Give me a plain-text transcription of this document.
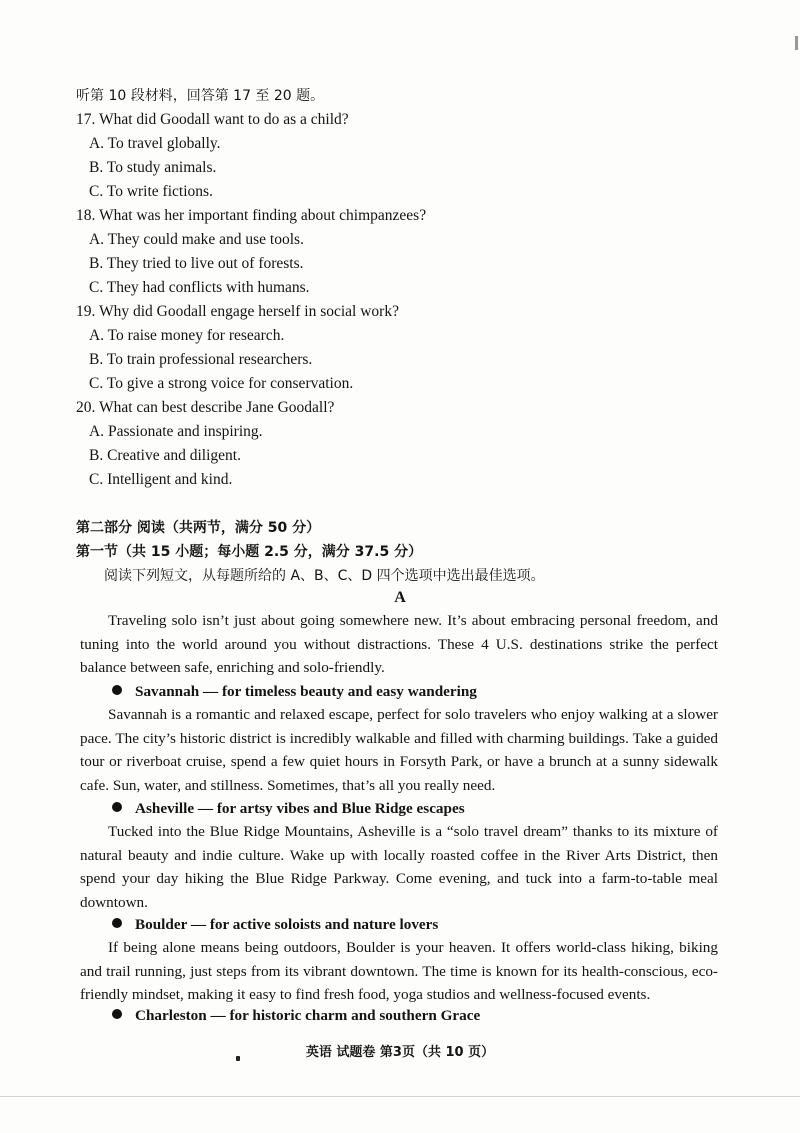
听第 10 段材料，回答第 17 至 20 题。
17. What did Goodall want to do as a child?
A. To travel globally.
B. To study animals.
C. To write fictions.
18. What was her important finding about chimpanzees?
A. They could make and use tools.
B. They tried to live out of forests.
C. They had conflicts with humans.
19. Why did Goodall engage herself in social work?
A. To raise money for research.
B. To train professional researchers.
C. To give a strong voice for conservation.
20. What can best describe Jane Goodall?
A. Passionate and inspiring.
B. Creative and diligent.
C. Intelligent and kind.
第二部分 阅读（共两节，满分 50 分）
第一节（共 15 小题；每小题 2.5 分，满分 37.5 分）
阅读下列短文，从每题所给的 A、B、C、D 四个选项中选出最佳选项。
A
Traveling solo isn’t just about going somewhere new. It’s about embracing personal freedom, and tuning into the world around you without distractions. These 4 U.S. destinations strike the perfect balance between safe, enriching and solo-friendly.
Savannah — for timeless beauty and easy wandering
Savannah is a romantic and relaxed escape, perfect for solo travelers who enjoy walking at a slower pace. The city’s historic district is incredibly walkable and filled with charming buildings. Take a guided tour or riverboat cruise, spend a few quiet hours in Forsyth Park, or have a brunch at a sunny sidewalk cafe. Sun, water, and stillness. Sometimes, that’s all you really need.
Asheville — for artsy vibes and Blue Ridge escapes
Tucked into the Blue Ridge Mountains, Asheville is a “solo travel dream” thanks to its mixture of natural beauty and indie culture. Wake up with locally roasted coffee in the River Arts District, then spend your day hiking the Blue Ridge Parkway. Come evening, and tuck into a farm-to-table meal downtown.
Boulder — for active soloists and nature lovers
If being alone means being outdoors, Boulder is your heaven. It offers world-class hiking, biking and trail running, just steps from its vibrant downtown. The time is known for its health-conscious, eco-friendly mindset, making it easy to find fresh food, yoga studios and wellness-focused events.
Charleston — for historic charm and southern Grace
英语 试题卷 第3页（共 10 页）
